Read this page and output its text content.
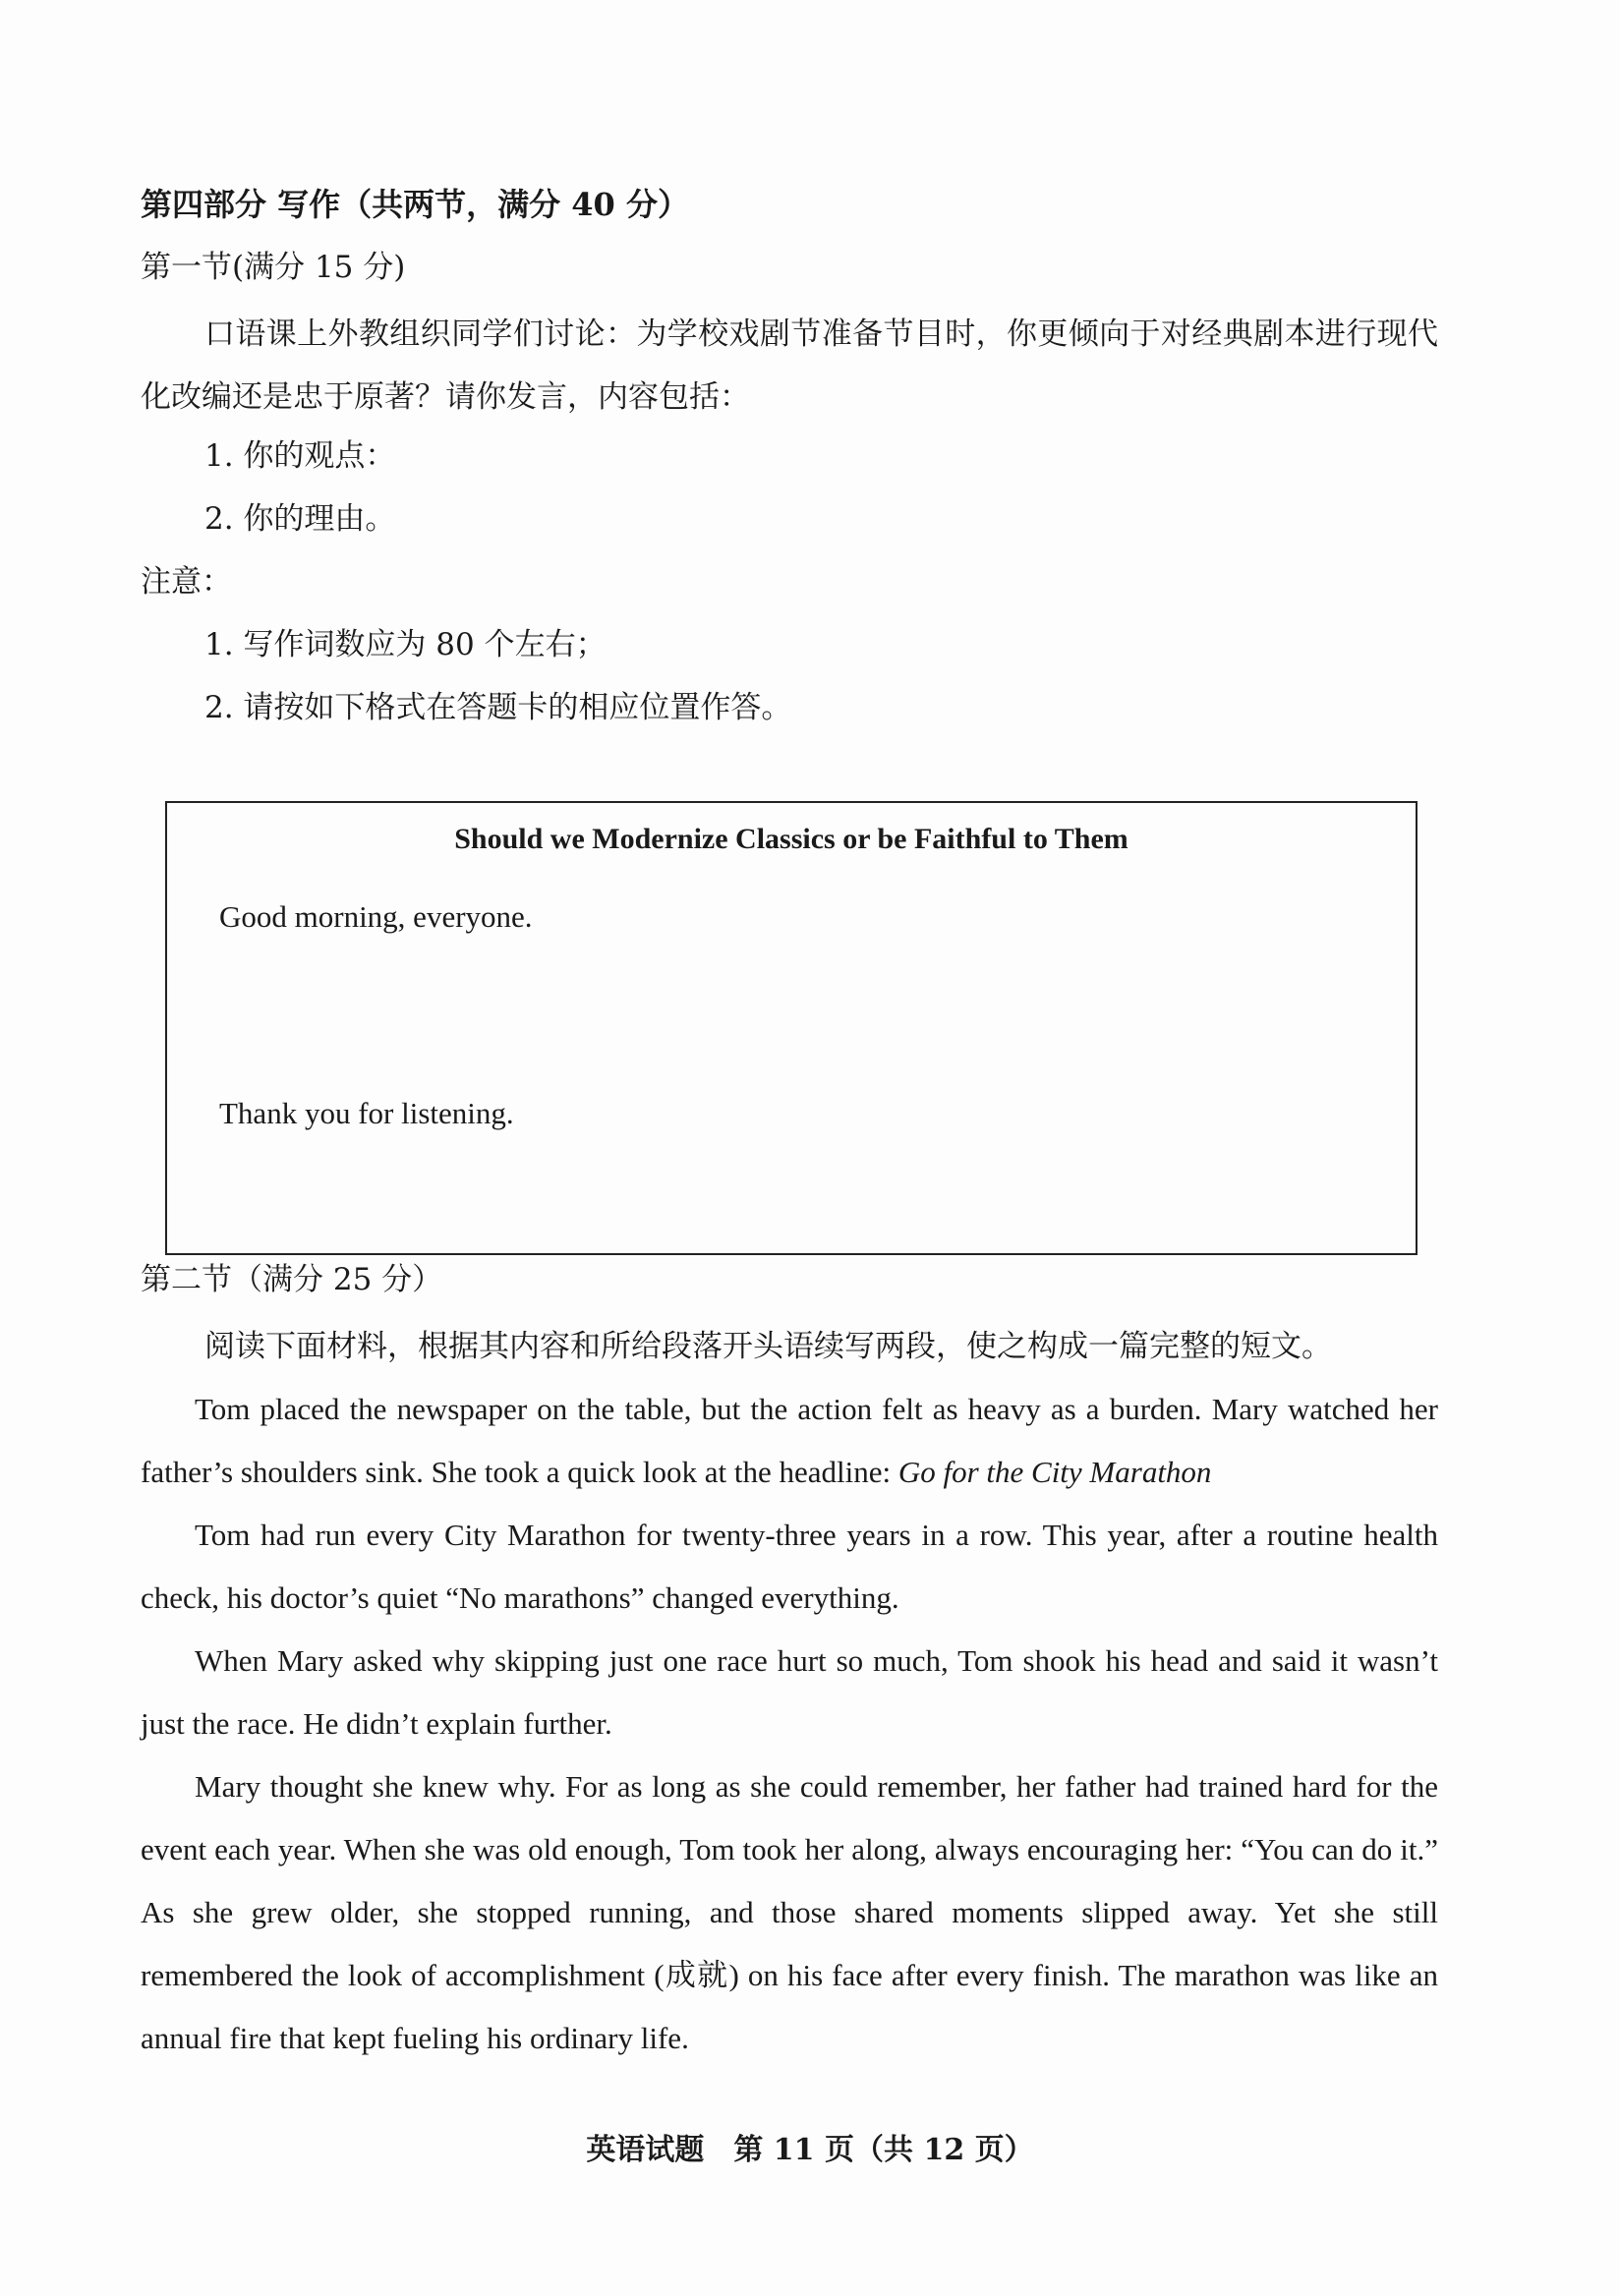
第四部分 写作（共两节，满分 40 分）
第一节(满分 15 分)
口语课上外教组织同学们讨论：为学校戏剧节准备节目时，你更倾向于对经典剧本进行现代化改编还是忠于原著？请你发言，内容包括：
1. 你的观点：
2. 你的理由。
注意：
1. 写作词数应为 80 个左右；
2. 请按如下格式在答题卡的相应位置作答。
Should we Modernize Classics or be Faithful to Them
Good morning, everyone.
Thank you for listening.
第二节（满分 25 分）
阅读下面材料，根据其内容和所给段落开头语续写两段，使之构成一篇完整的短文。
Tom placed the newspaper on the table, but the action felt as heavy as a burden. Mary watched her father’s shoulders sink. She took a quick look at the headline: Go for the City Marathon
Tom had run every City Marathon for twenty-three years in a row. This year, after a routine health check, his doctor’s quiet “No marathons” changed everything.
When Mary asked why skipping just one race hurt so much, Tom shook his head and said it wasn’t just the race. He didn’t explain further.
Mary thought she knew why. For as long as she could remember, her father had trained hard for the event each year. When she was old enough, Tom took her along, always encouraging her: “You can do it.” As she grew older, she stopped running, and those shared moments slipped away. Yet she still remembered the look of accomplishment (成就) on his face after every finish. The marathon was like an annual fire that kept fueling his ordinary life.
英语试题　第 11 页（共 12 页）
